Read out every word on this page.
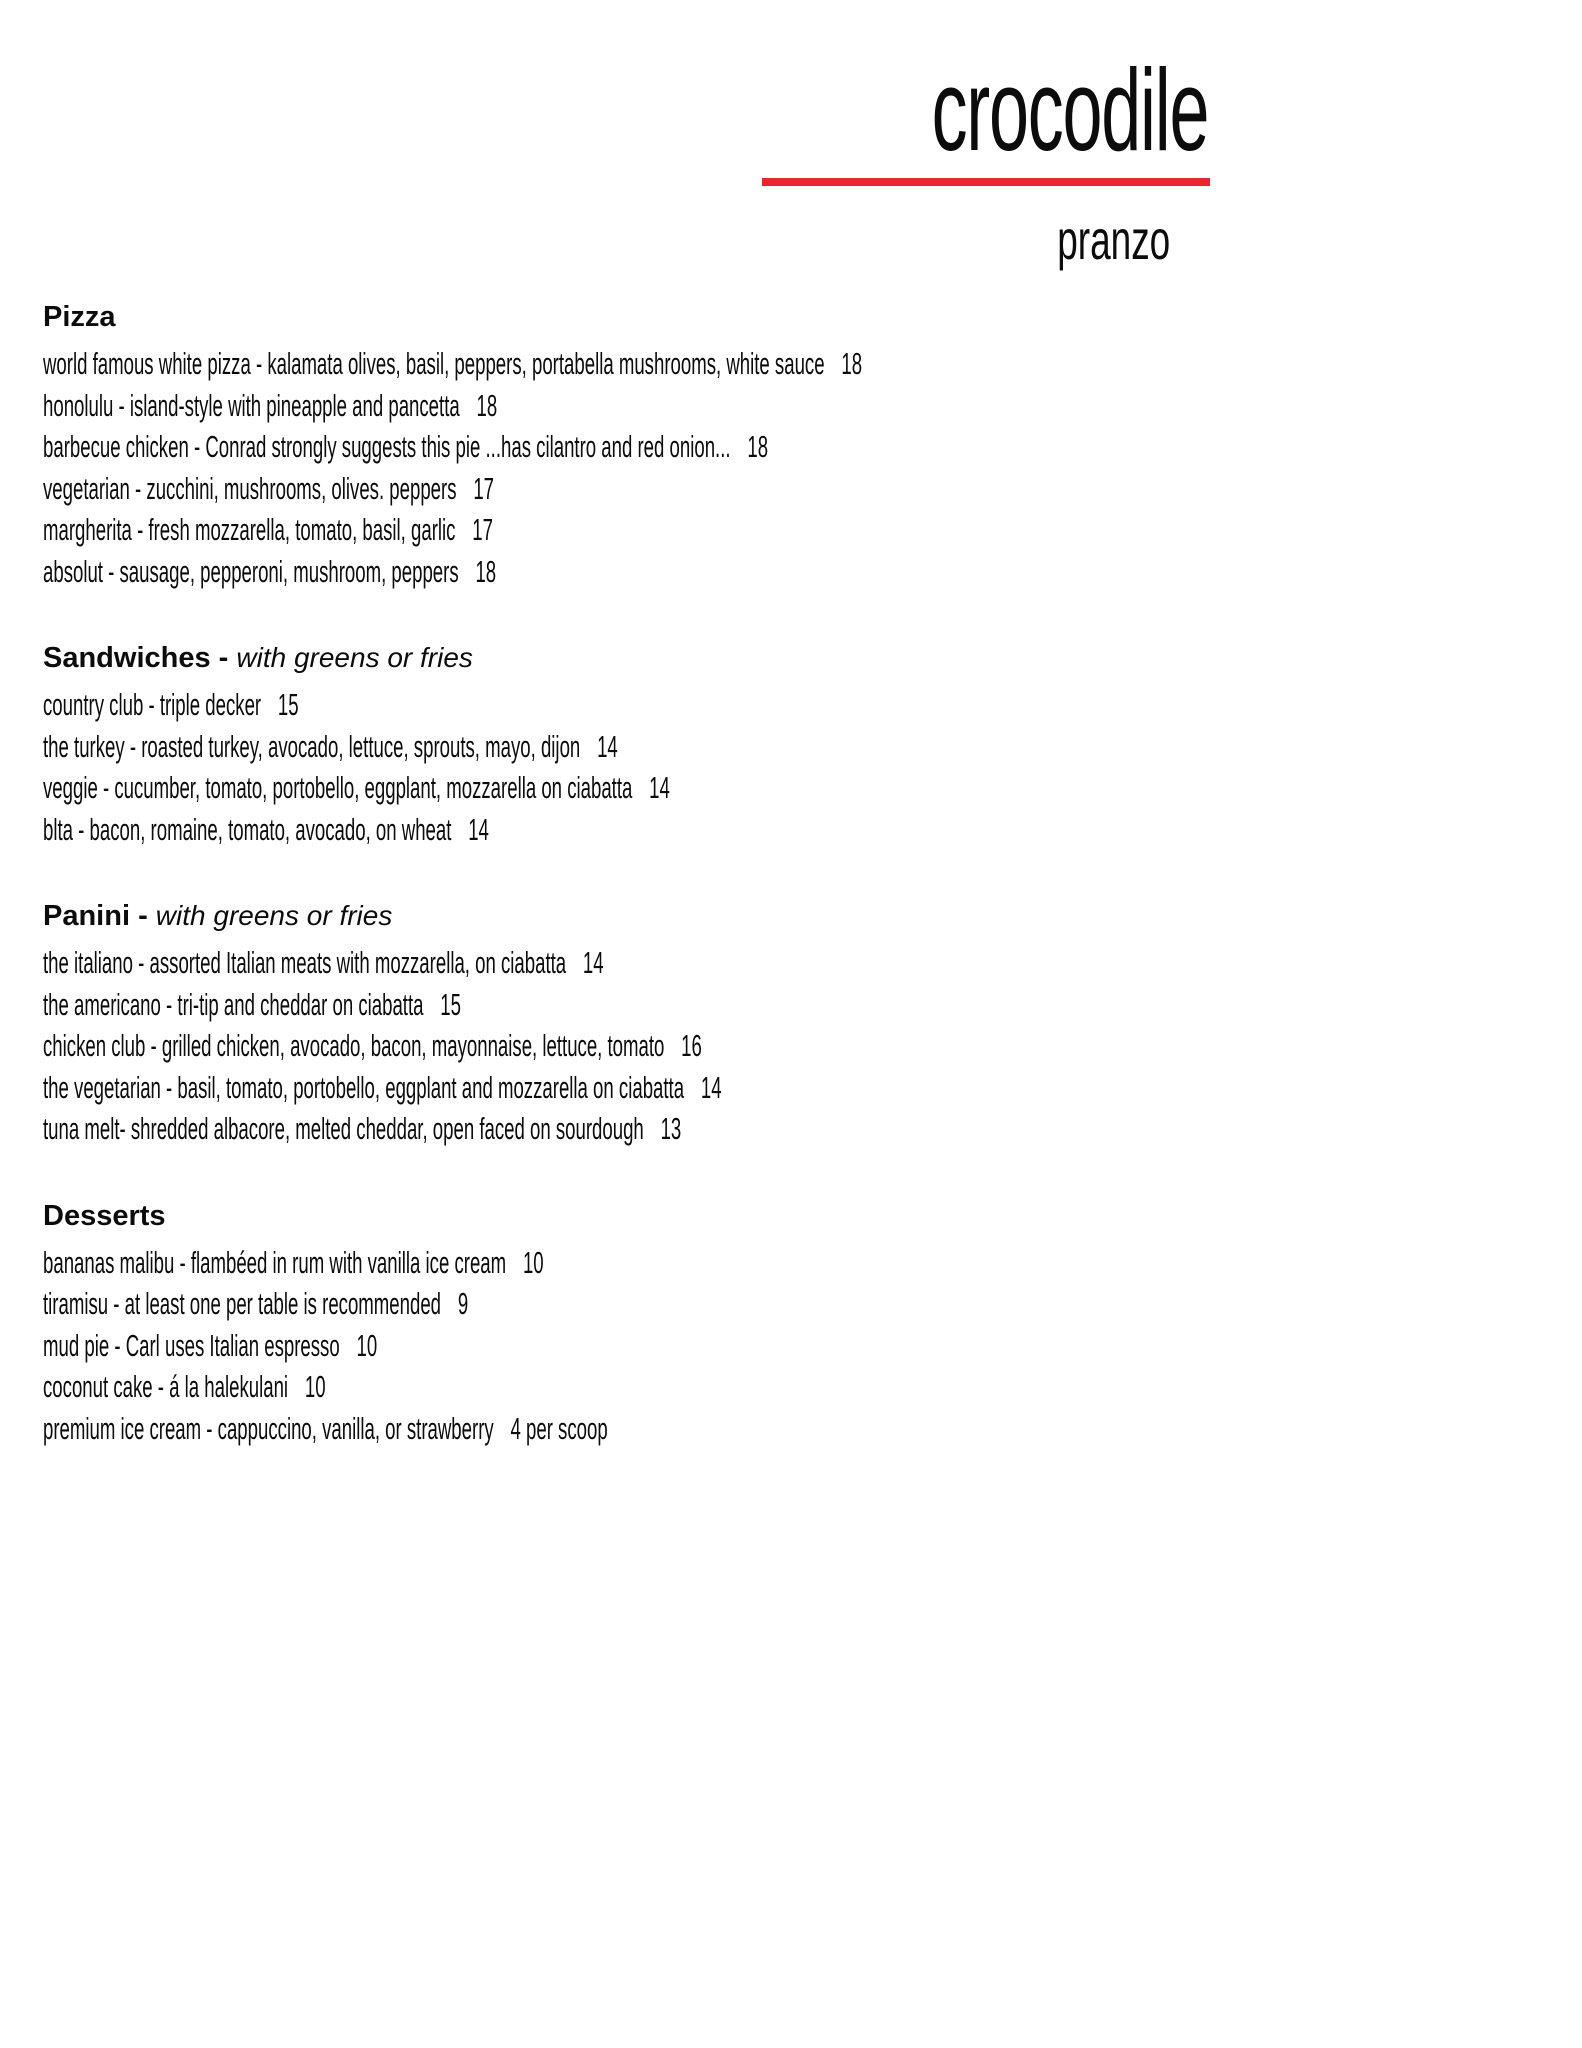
crocodile
pranzo
Pizza
world famous white pizza - kalamata olives, basil, peppers, portabella mushrooms, white sauce 18
honolulu - island-style with pineapple and pancetta 18
barbecue chicken - Conrad strongly suggests this pie ...has cilantro and red onion... 18
vegetarian - zucchini, mushrooms, olives. peppers 17
margherita - fresh mozzarella, tomato, basil, garlic 17
absolut - sausage, pepperoni, mushroom, peppers 18
Sandwiches - with greens or fries
country club - triple decker 15
the turkey - roasted turkey, avocado, lettuce, sprouts, mayo, dijon 14
veggie - cucumber, tomato, portobello, eggplant, mozzarella on ciabatta 14
blta - bacon, romaine, tomato, avocado, on wheat 14
Panini - with greens or fries
the italiano - assorted Italian meats with mozzarella, on ciabatta 14
the americano - tri-tip and cheddar on ciabatta 15
chicken club - grilled chicken, avocado, bacon, mayonnaise, lettuce, tomato 16
the vegetarian - basil, tomato, portobello, eggplant and mozzarella on ciabatta 14
tuna melt- shredded albacore, melted cheddar, open faced on sourdough 13
Desserts
bananas malibu - flambéed in rum with vanilla ice cream 10
tiramisu - at least one per table is recommended 9
mud pie - Carl uses Italian espresso 10
coconut cake - á la halekulani 10
premium ice cream - cappuccino, vanilla, or strawberry 4 per scoop
